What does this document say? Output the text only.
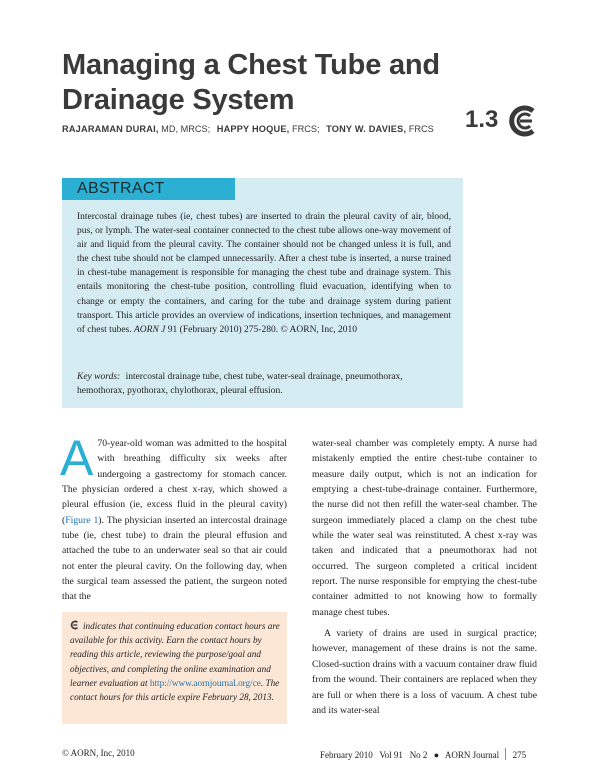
Managing a Chest Tube and
Drainage System
RAJARAMAN DURAI, MD, MRCS; HAPPY HOQUE, FRCS; TONY W. DAVIES, FRCS 1.3
ABSTRACT

Intercostal drainage tubes (ie, chest tubes) are inserted to drain the pleural cavity of air, blood, pus, or lymph. The water-seal container connected to the chest tube allows one-way movement of air and liquid from the pleural cavity. The container should not be changed unless it is full, and the chest tube should not be clamped unnecessarily. After a chest tube is inserted, a nurse trained in chest-tube management is responsible for managing the chest tube and drainage system. This entails monitoring the chest-tube position, controlling fluid evacuation, identifying when to change or empty the containers, and caring for the tube and drainage system during patient transport. This article provides an overview of indications, insertion techniques, and management of chest tubes. AORN J 91 (February 2010) 275-280. © AORN, Inc, 2010

Key words: intercostal drainage tube, chest tube, water-seal drainage, pneumothorax, hemothorax, pyothorax, chylothorax, pleural effusion.

A 70-year-old woman was admitted to the hospital with breathing difficulty six weeks after undergoing a gastrectomy for stomach cancer. The physician ordered a chest x-ray, which showed a pleural effusion (ie, excess fluid in the pleural cavity) (Figure 1). The physician inserted an intercostal drainage tube (ie, chest tube) to drain the pleural effusion and attached the tube to an underwater seal so that air could not enter the pleural cavity. On the following day, when the surgical team assessed the patient, the surgeon noted that the

indicates that continuing education contact hours are available for this activity. Earn the contact hours by reading this article, reviewing the purpose/goal and objectives, and completing the online examination and learner evaluation at http://www.aornjournal.org/ce. The contact hours for this article expire February 28, 2013.

water-seal chamber was completely empty. A nurse had mistakenly emptied the entire chest-tube container to measure daily output, which is not an indication for emptying a chest-tube-drainage container. Furthermore, the nurse did not then refill the water-seal chamber. The surgeon immediately placed a clamp on the chest tube while the water seal was reinstituted. A chest x-ray was taken and indicated that a pneumothorax had not occurred. The surgeon completed a critical incident report. The nurse responsible for emptying the chest-tube container admitted to not knowing how to formally manage chest tubes.
A variety of drains are used in surgical practice; however, management of these drains is not the same. Closed-suction drains with a vacuum container draw fluid from the wound. Their containers are replaced when they are full or when there is a loss of vacuum. A chest tube and its water-seal
© AORN, Inc, 2010	February 2010 Vol 91 No 2 ● AORN Journal 275
